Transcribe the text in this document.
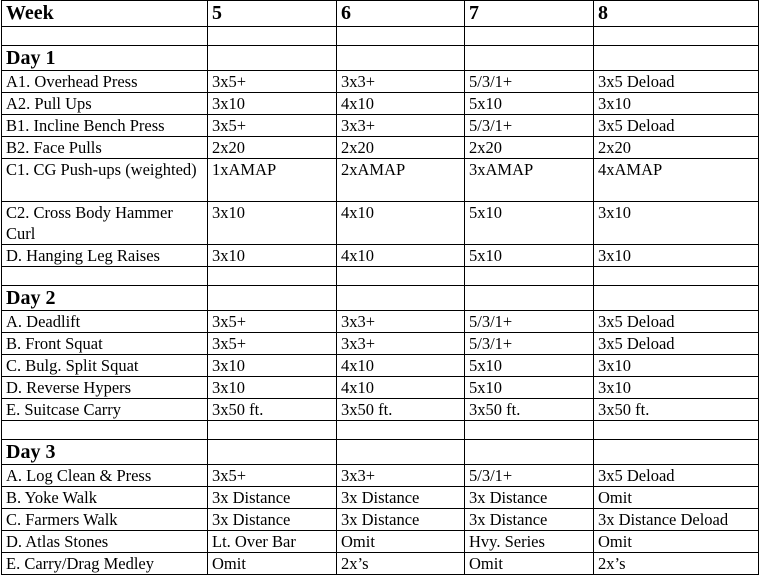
Week	5	6	7	8

Day 1				
A1. Overhead Press	3x5+	3x3+	5/3/1+	3x5 Deload
A2. Pull Ups	3x10	4x10	5x10	3x10
B1. Incline Bench Press	3x5+	3x3+	5/3/1+	3x5 Deload
B2. Face Pulls	2x20	2x20	2x20	2x20
C1. CG Push-ups (weighted)	1xAMAP	2xAMAP	3xAMAP	4xAMAP
C2. Cross Body Hammer Curl	3x10	4x10	5x10	3x10
D. Hanging Leg Raises	3x10	4x10	5x10	3x10

Day 2				
A. Deadlift	3x5+	3x3+	5/3/1+	3x5 Deload
B. Front Squat	3x5+	3x3+	5/3/1+	3x5 Deload
C. Bulg. Split Squat	3x10	4x10	5x10	3x10
D. Reverse Hypers	3x10	4x10	5x10	3x10
E. Suitcase Carry	3x50 ft.	3x50 ft.	3x50 ft.	3x50 ft.

Day 3				
A. Log Clean & Press	3x5+	3x3+	5/3/1+	3x5 Deload
B. Yoke Walk	3x Distance	3x Distance	3x Distance	Omit
C. Farmers Walk	3x Distance	3x Distance	3x Distance	3x Distance Deload
D. Atlas Stones	Lt. Over Bar	Omit	Hvy. Series	Omit
E. Carry/Drag Medley	Omit	2x’s	Omit	2x’s
